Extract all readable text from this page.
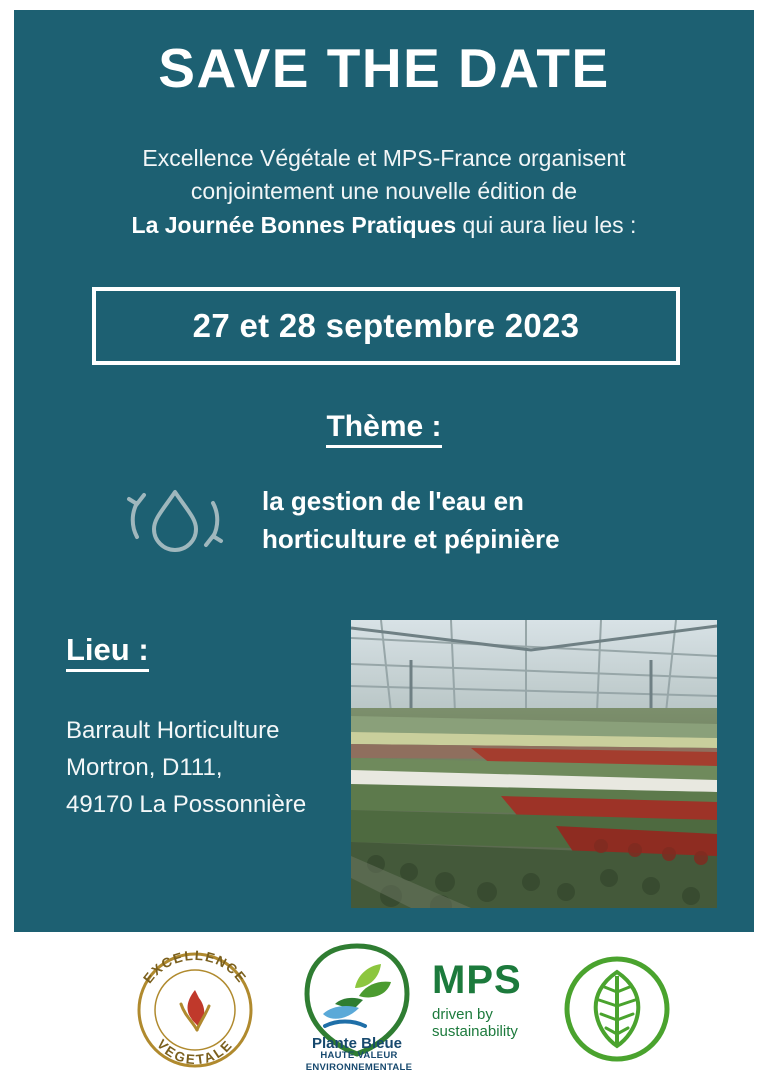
SAVE THE DATE
Excellence Végétale et MPS-France organisent
conjointement une nouvelle édition de
La Journée Bonnes Pratiques qui aura lieu les :
27 et 28 septembre 2023
Thème :
la gestion de l'eau en
horticulture et pépinière
Lieu :
Barrault Horticulture
Mortron, D111,
49170 La Possonnière
EXCELLENCE
VEGETALE	Plante Bleue
HAUTE VALEUR
ENVIRONNEMENTALE
MPS
driven by
sustainability
